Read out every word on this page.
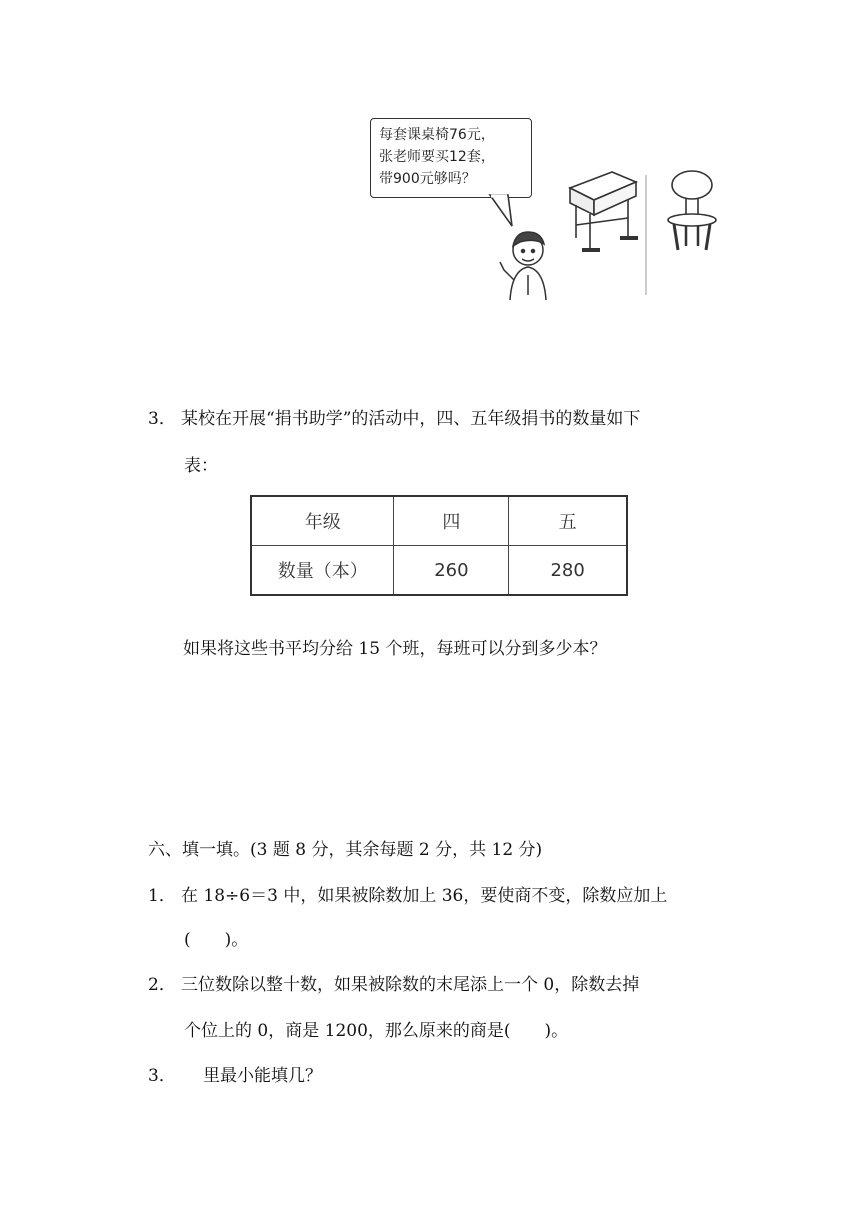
每套课桌椅76元，
张老师要买12套，
带900元够吗？
3． 某校在开展“捐书助学”的活动中，四、五年级捐书的数量如下
表：
年级	四	五
数量（本）	260	280
如果将这些书平均分给 15 个班，每班可以分到多少本？
六、填一填。(3 题 8 分，其余每题 2 分，共 12 分)
1． 在 18÷6＝3 中，如果被除数加上 36，要使商不变，除数应加上
(　　)。
2． 三位数除以整十数，如果被除数的末尾添上一个 0，除数去掉
个位上的 0，商是 1200，那么原来的商是(　　)。
3． 里最小能填几？
